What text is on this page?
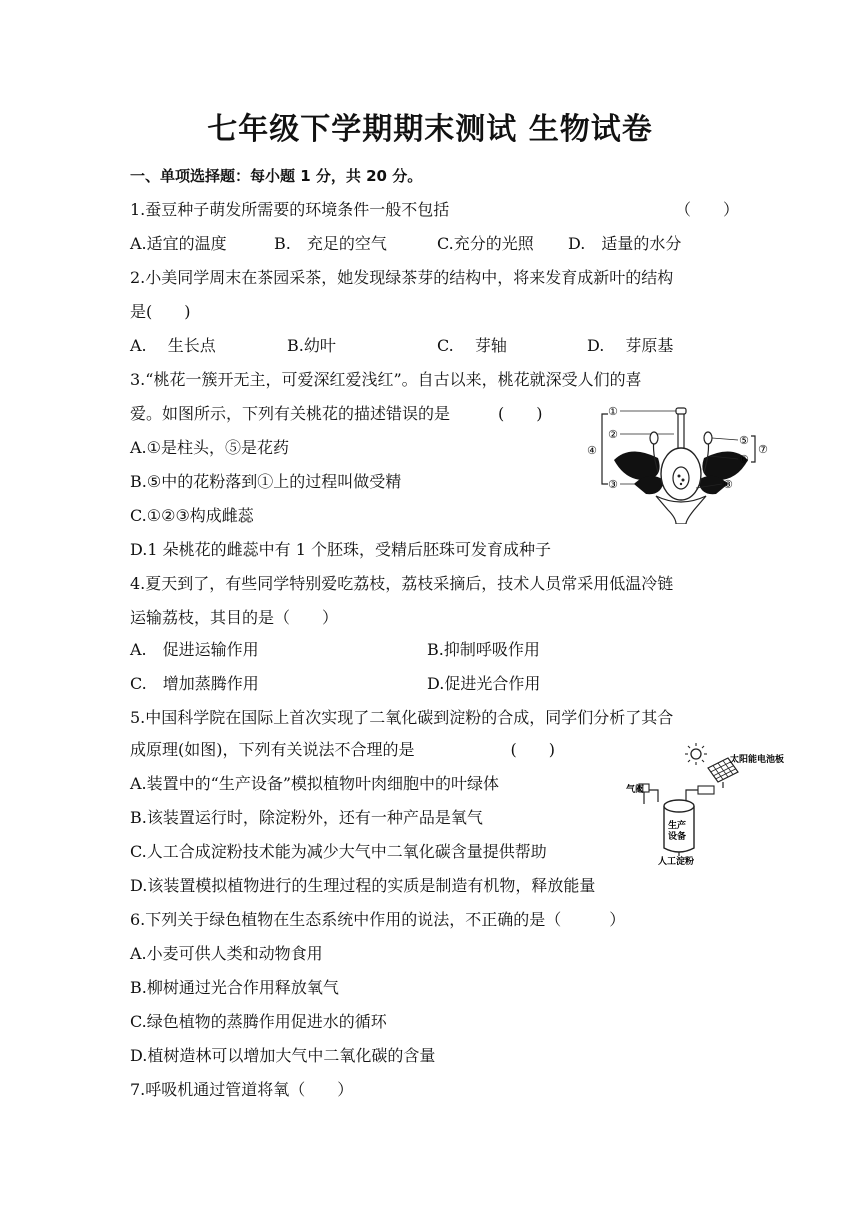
七年级下学期期末测试 生物试卷
一、单项选择题：每小题 1 分，共 20 分。
1.蚕豆种子萌发所需要的环境条件一般不包括	（　　）
A.适宜的温度	B.　充足的空气	C.充分的光照 D.　适量的水分
2.小美同学周末在茶园采茶，她发现绿茶芽的结构中，将来发育成新叶的结构
是(　　)
A.　 生长点	B.幼叶	C.　 芽轴	D.　 芽原基
3.“桃花一簇开无主，可爱深红爱浅红”。自古以来，桃花就深受人们的喜
爱。如图所示，下列有关桃花的描述错误的是　　　(　　)
A.①是柱头，⑤是花药
B.⑤中的花粉落到①上的过程叫做受精
C.①②③构成雌蕊
D.1 朵桃花的雌蕊中有 1 个胚珠，受精后胚珠可发育成种子
④
①
②
③
⑤
⑥
⑧
⑦
4.夏天到了，有些同学特别爱吃荔枝，荔枝采摘后，技术人员常采用低温冷链
运输荔枝，其目的是（　　）
A.　促进运输作用	B.抑制呼吸作用
C.　增加蒸腾作用	D.促进光合作用
5.中国科学院在国际上首次实现了二氧化碳到淀粉的合成，同学们分析了其合
成原理(如图)，下列有关说法不合理的是　　　　　　(　　)
A.装置中的“生产设备”模拟植物叶肉细胞中的叶绿体
B.该装置运行时，除淀粉外，还有一种产品是氧气
C.人工合成淀粉技术能为减少大气中二氧化碳含量提供帮助
D.该装置模拟植物进行的生理过程的实质是制造有机物，释放能量
太阳能电池板
气阀
生产
设备
人工淀粉
6.下列关于绿色植物在生态系统中作用的说法，不正确的是（　　　）
A.小麦可供人类和动物食用
B.柳树通过光合作用释放氧气
C.绿色植物的蒸腾作用促进水的循环
D.植树造林可以增加大气中二氧化碳的含量
7.呼吸机通过管道将氧（　　）
